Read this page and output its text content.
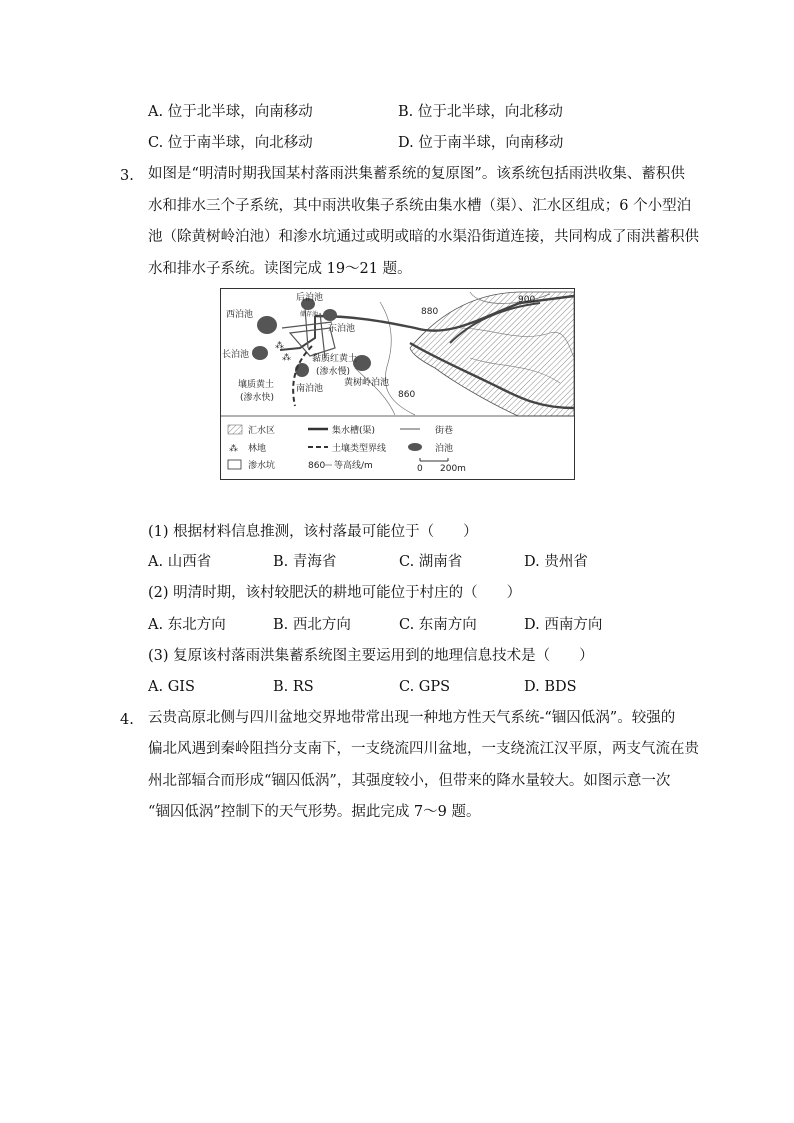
A. 位于北半球，向南移动	B. 位于北半球，向北移动
C. 位于南半球，向北移动	D. 位于南半球，向南移动
3. 如图是“明清时期我国某村落雨洪集蓄系统的复原图”。该系统包括雨洪收集、蓄积供
水和排水三个子系统，其中雨洪收集子系统由集水槽（渠）、汇水区组成；6 个小型泊
池（除黄树岭泊池）和渗水坑通过或明或暗的水渠沿街道连接，共同构成了雨洪蓄积供
水和排水子系统。读图完成 19～21 题。
⁂
⁂
后泊池
储存池
西泊池
东泊池
长泊池	黏质红黄土
(渗水慢)
南泊池
黄树岭泊池
壤质黄土
(渗水快)
880
900
860
汇水区	集水槽(渠)	街巷
⁂ 林地	土壤类型界线	泊池
渗水坑	860 等高线/m	0 200m
(1) 根据材料信息推测，该村落最可能位于（　　）
A. 山西省	B. 青海省	C. 湖南省	D. 贵州省
(2) 明清时期，该村较肥沃的耕地可能位于村庄的（　　）
A. 东北方向	B. 西北方向	C. 东南方向	D. 西南方向
(3) 复原该村落雨洪集蓄系统图主要运用到的地理信息技术是（　　）
A. GIS	B. RS	C. GPS	D. BDS
4. 云贵高原北侧与四川盆地交界地带常出现一种地方性天气系统-“锢囚低涡”。较强的
偏北风遇到秦岭阻挡分支南下，一支绕流四川盆地，一支绕流江汉平原，两支气流在贵
州北部辐合而形成“锢囚低涡”，其强度较小，但带来的降水量较大。如图示意一次
“锢囚低涡”控制下的天气形势。据此完成 7～9 题。
